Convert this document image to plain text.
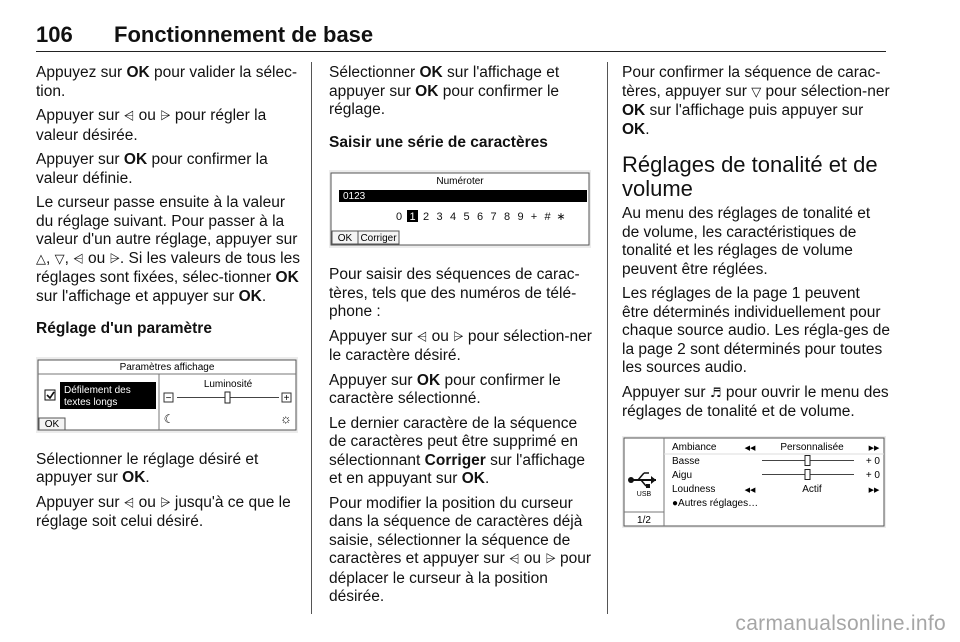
106 Fonctionnement de base

Appuyez sur OK pour valider la sélec-tion.

Appuyer sur ⩤ ou ⩥ pour régler la valeur désirée.

Appuyer sur OK pour confirmer la valeur définie.

Le curseur passe ensuite à la valeur du réglage suivant. Pour passer à la valeur d'un autre réglage, appuyer sur △, ▽, ⩤ ou ⩥. Si les valeurs de tous les réglages sont fixées, sélec-tionner OK sur l'affichage et appuyer sur OK.

Réglage d'un paramètre
Paramètres affichage
Défilement des
textes longs
Luminosité
−	+
☾	☼
OK

Sélectionner le réglage désiré et appuyer sur OK.

Appuyer sur ⩤ ou ⩥ jusqu'à ce que le réglage soit celui désiré.

Sélectionner OK sur l'affichage et appuyer sur OK pour confirmer le réglage.

Saisir une série de caractères
Numéroter
0123
0 1 2 3 4 5 6 7 8 9 + # ∗
OK Corriger

Pour saisir des séquences de carac-tères, tels que des numéros de télé-phone :

Appuyer sur ⩤ ou ⩥ pour sélection-ner le caractère désiré.

Appuyer sur OK pour confirmer le caractère sélectionné.

Le dernier caractère de la séquence de caractères peut être supprimé en sélectionnant Corriger sur l'affichage et en appuyant sur OK.

Pour modifier la position du curseur dans la séquence de caractères déjà saisie, sélectionner la séquence de caractères et appuyer sur ⩤ ou ⩥ pour déplacer le curseur à la position désirée.

Pour confirmer la séquence de carac-tères, appuyer sur ▽ pour sélection-ner OK sur l'affichage puis appuyer sur OK.

Réglages de tonalité et de volume

Au menu des réglages de tonalité et de volume, les caractéristiques de tonalité et les réglages de volume peuvent être réglées.

Les réglages de la page 1 peuvent être déterminés individuellement pour chaque source audio. Les régla-ges de la page 2 sont déterminés pour toutes les sources audio.

Appuyer sur ♬ pour ouvrir le menu des réglages de tonalité et de volume.

USB
1/2
Ambiance	◀◀ Personnalisée	▶▶
Basse	+ 0
Aigu	+ 0
Loudness	◀◀	Actif	▶▶
●Autres réglages…
carmanualsonline.info
